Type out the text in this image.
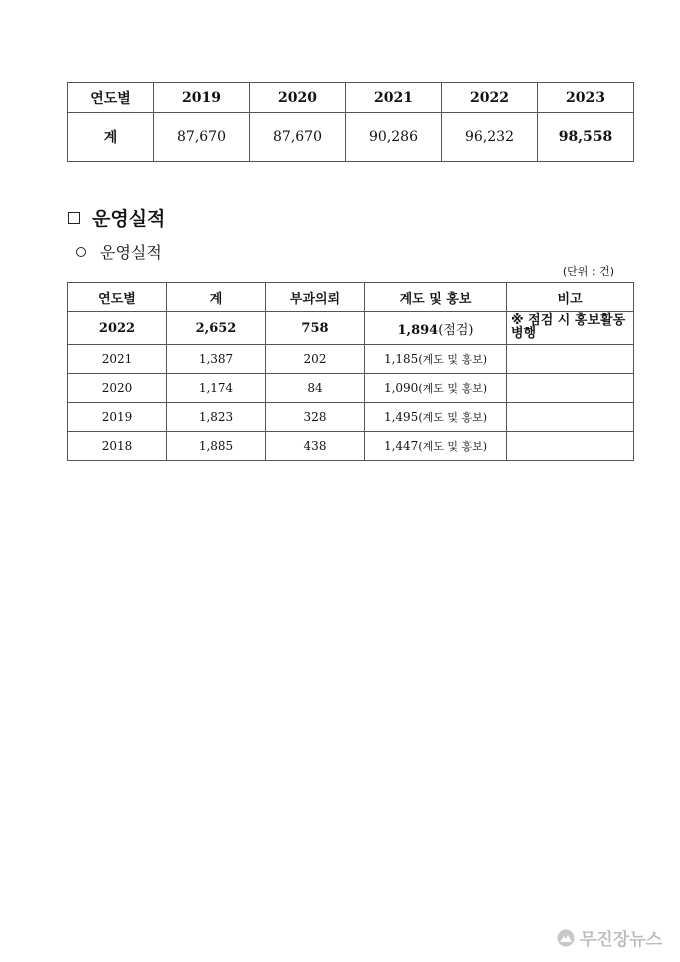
연도별	2019	2020	2021	2022	2023
계	87,670	87,670	90,286	96,232	98,558
운영실적
운영실적
(단위 : 건)
연도별	계	부과의뢰	계도 및 홍보	비고
2022	2,652	758	1,894(점검)	※ 점검 시 홍보활동 병행
2021	1,387	202	1,185(계도 및 홍보)	
2020	1,174	84	1,090(계도 및 홍보)	
2019	1,823	328	1,495(계도 및 홍보)	
2018	1,885	438	1,447(계도 및 홍보)	
무진장뉴스
